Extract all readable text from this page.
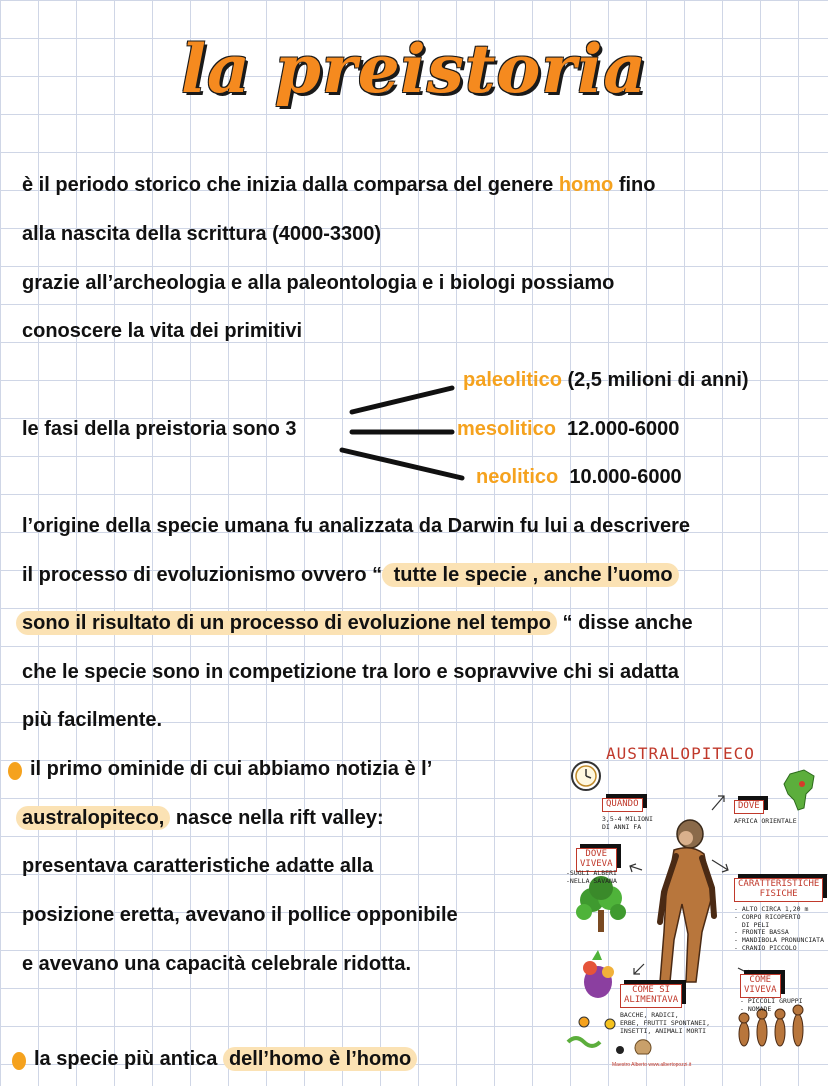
la preistoria
è il periodo storico che inizia dalla comparsa del genere homo fino
alla nascita della scrittura (4000-3300)
grazie all’archeologia e alla paleontologia e i biologi possiamo
conoscere la vita dei primitivi
le fasi della preistoria sono 3
paleolitico (2,5 milioni di anni)
mesolitico 12.000-6000
neolitico 10.000-6000
l’origine della specie umana fu analizzata da Darwin fu lui a descrivere
il processo di evoluzionismo ovvero “ tutte le specie , anche l’uomo
sono il risultato di un processo di evoluzione nel tempo “ disse anche
che le specie sono in competizione tra loro e sopravvive chi si adatta
più facilmente.
il primo ominide di cui abbiamo notizia è l’
australopiteco, nasce nella rift valley:
presentava caratteristiche adatte alla
posizione eretta, avevano il pollice opponibile
e avevano una capacità celebrale ridotta.
la specie più antica dell’homo è l’homo
AUSTRALOPITECO
QUANDO
3,5-4 MILIONI
DI ANNI FA
DOVE
AFRICA ORIENTALE
DOVE
VIVEVA
-SUGLI ALBERI
-NELLA SAVANA	CARATTERISTICHE
FISICHE
- ALTO CIRCA 1,20 m
- CORPO RICOPERTO
DI PELI
- FRONTE BASSA
- MANDIBOLA PRONUNCIATA
- CRANIO PICCOLO
COME SI
ALIMENTAVA
BACCHE, RADICI,
ERBE, FRUTTI SPONTANEI,
INSETTI, ANIMALI MORTI
COME
VIVEVA
- PICCOLI GRUPPI
- NOMADE
Maestro Alberto www.albertopozzi.it
